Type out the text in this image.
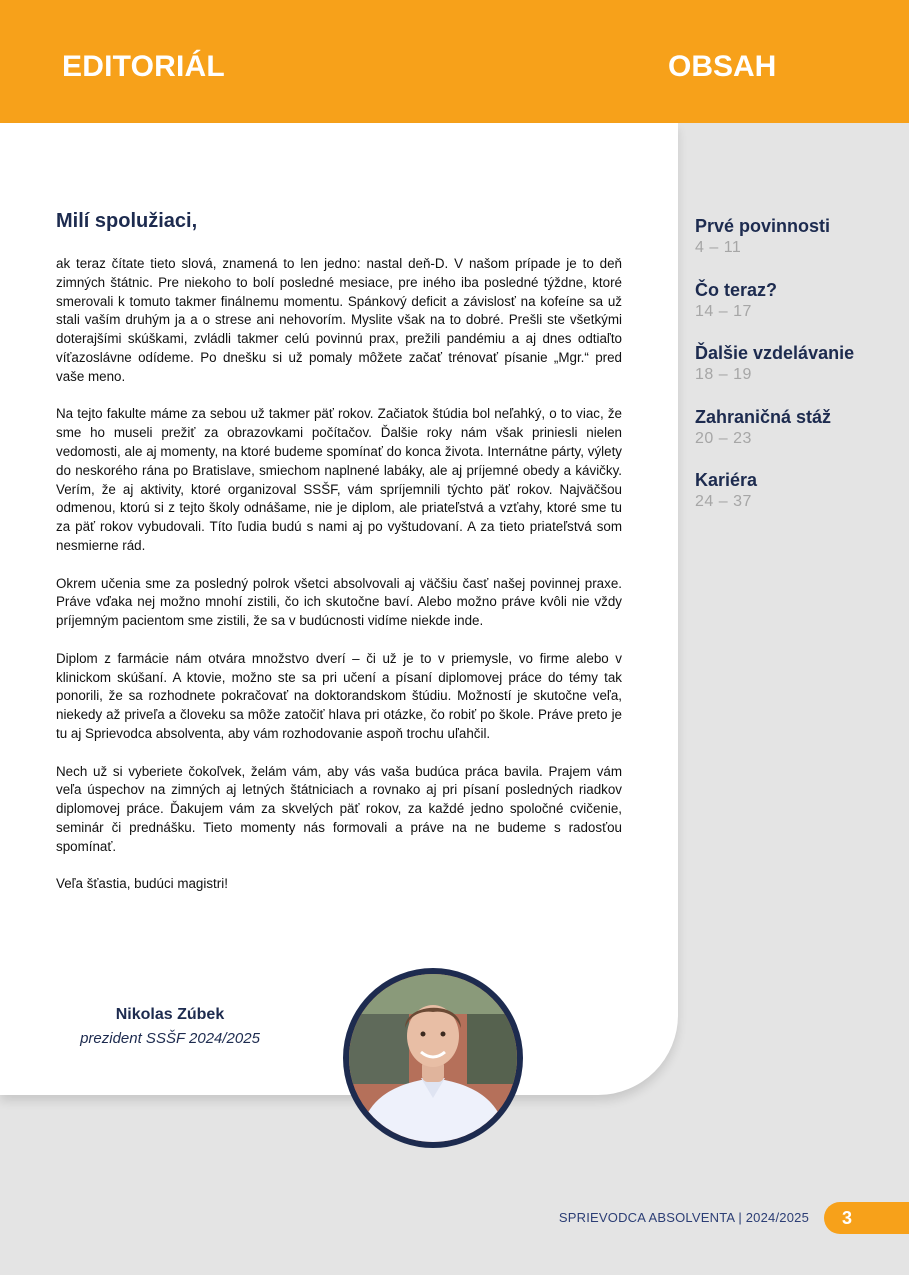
EDITORIÁL	OBSAH
Milí spolužiaci,

ak teraz čítate tieto slová, znamená to len jedno: nastal deň-D. V našom prípade je to deň zimných štátnic. Pre niekoho to bolí posledné mesiace, pre iného iba posledné týždne, ktoré smerovali k tomuto takmer finálnemu momentu. Spánkový deficit a závislosť na kofeíne sa už stali vaším druhým ja a o strese ani nehovorím. Myslite však na to dobré. Prešli ste všetkými doterajšími skúškami, zvládli takmer celú povinnú prax, prežili pandémiu a aj dnes odtiaľto víťazoslávne odídeme. Po dnešku si už pomaly môžete začať trénovať písanie „Mgr.“ pred vaše meno.

Na tejto fakulte máme za sebou už takmer päť rokov. Začiatok štúdia bol neľahký, o to viac, že sme ho museli prežiť za obrazovkami počítačov. Ďalšie roky nám však priniesli nielen vedomosti, ale aj momenty, na ktoré budeme spomínať do konca života. Internátne párty, výlety do neskorého rána po Bratislave, smiechom naplnené labáky, ale aj príjemné obedy a kávičky. Verím, že aj aktivity, ktoré organizoval SSŠF, vám spríjemnili týchto päť rokov. Najväčšou odmenou, ktorú si z tejto školy odnášame, nie je diplom, ale priateľstvá a vzťahy, ktoré sme tu za päť rokov vybudovali. Títo ľudia budú s nami aj po vyštudovaní. A za tieto priateľstvá som nesmierne rád.

Okrem učenia sme za posledný polrok všetci absolvovali aj väčšiu časť našej povinnej praxe. Práve vďaka nej možno mnohí zistili, čo ich skutočne baví. Alebo možno práve kvôli nie vždy príjemným pacientom sme zistili, že sa v budúcnosti vidíme niekde inde.

Diplom z farmácie nám otvára množstvo dverí – či už je to v priemysle, vo firme alebo v klinickom skúšaní. A ktovie, možno ste sa pri učení a písaní diplomovej práce do témy tak ponorili, že sa rozhodnete pokračovať na doktorandskom štúdiu. Možností je skutočne veľa, niekedy až priveľa a človeku sa môže zatočiť hlava pri otázke, čo robiť po škole. Práve preto je tu aj Sprievodca absolventa, aby vám rozhodovanie aspoň trochu uľahčil.

Nech už si vyberiete čokoľvek, želám vám, aby vás vaša budúca práca bavila. Prajem vám veľa úspechov na zimných aj letných štátniciach a rovnako aj pri písaní posledných riadkov diplomovej práce. Ďakujem vám za skvelých päť rokov, za každé jedno spoločné cvičenie, seminár či prednášku. Tieto momenty nás formovali a práve na ne budeme s radosťou spomínať.

Veľa šťastia, budúci magistri!

Nikolas Zúbek
prezident SSŠF 2024/2025
Prvé povinnosti
4 – 11
Čo teraz?
14 – 17
Ďalšie vzdelávanie
18 – 19
Zahraničná stáž
20 – 23
Kariéra
24 – 37
SPRIEVODCA ABSOLVENTA | 2024/2025	3
